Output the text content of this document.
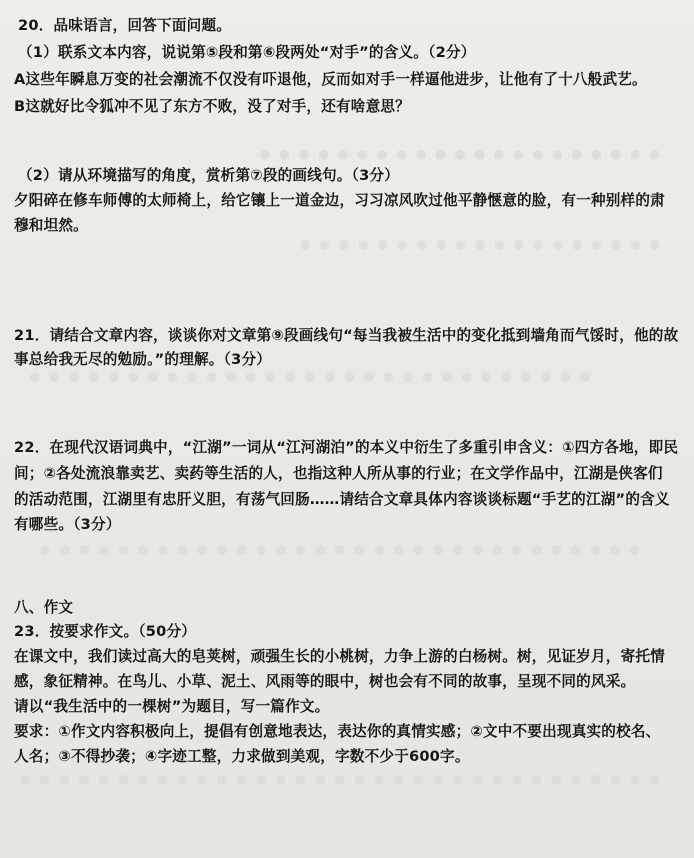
20．品味语言，回答下面问题。
（1）联系文本内容，说说第⑤段和第⑥段两处“对手”的含义。（2分）
A这些年瞬息万变的社会潮流不仅没有吓退他，反而如对手一样逼他进步，让他有了十八般武艺。
B这就好比令狐冲不见了东方不败，没了对手，还有啥意思？
（2）请从环境描写的角度，赏析第⑦段的画线句。（3分）
夕阳碎在修车师傅的太师椅上，给它镶上一道金边，习习凉风吹过他平静惬意的脸，有一种别样的肃
穆和坦然。
21．请结合文章内容，谈谈你对文章第⑨段画线句“每当我被生活中的变化抵到墙角而气馁时，他的故
事总给我无尽的勉励。”的理解。（3分）
22．在现代汉语词典中，“江湖”一词从“江河湖泊”的本义中衍生了多重引申含义：①四方各地，即民
间；②各处流浪靠卖艺、卖药等生活的人，也指这种人所从事的行业；在文学作品中，江湖是侠客们
的活动范围，江湖里有忠肝义胆，有荡气回肠……请结合文章具体内容谈谈标题“手艺的江湖”的含义
有哪些。（3分）
八、作文
23．按要求作文。（50分）
在课文中，我们读过高大的皂荚树，顽强生长的小桃树，力争上游的白杨树。树，见证岁月，寄托情
感，象征精神。在鸟儿、小草、泥土、风雨等的眼中，树也会有不同的故事，呈现不同的风采。
请以“我生活中的一棵树”为题目，写一篇作文。
要求：①作文内容积极向上，提倡有创意地表达，表达你的真情实感；②文中不要出现真实的校名、
人名；③不得抄袭；④字迹工整，力求做到美观，字数不少于600字。
